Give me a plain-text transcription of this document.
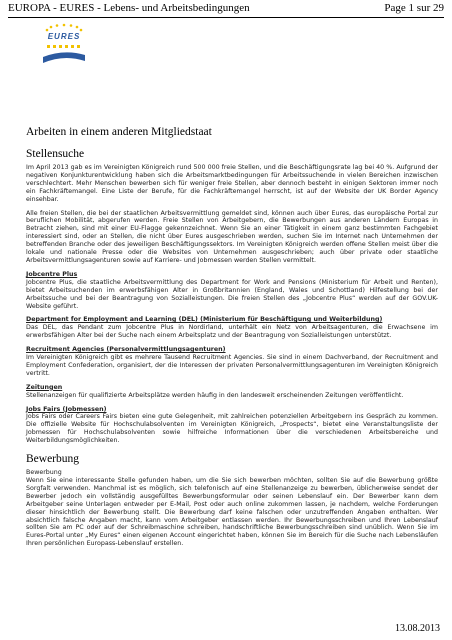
EUROPA - EURES - Lebens- und Arbeitsbedingungen	Page 1 sur 29
EURES
Arbeiten in einem anderen Mitgliedstaat
Stellensuche

Im April 2013 gab es im Vereinigten Königreich rund 500 000 freie Stellen, und die Beschäftigungsrate lag bei 40 %. Aufgrund der negativen Konjunkturentwicklung haben sich die Arbeitsmarktbedingungen für Arbeitssuchende in vielen Bereichen inzwischen verschlechtert. Mehr Menschen bewerben sich für weniger freie Stellen, aber dennoch besteht in einigen Sektoren immer noch ein Fachkräftemangel. Eine Liste der Berufe, für die Fachkräftemangel herrscht, ist auf der Website der UK Border Agency einsehbar.

Alle freien Stellen, die bei der staatlichen Arbeitsvermittlung gemeldet sind, können auch über Eures, das europäische Portal zur beruflichen Mobilität, abgerufen werden. Freie Stellen von Arbeitgebern, die Bewerbungen aus anderen Ländern Europas in Betracht ziehen, sind mit einer EU-Flagge gekennzeichnet. Wenn Sie an einer Tätigkeit in einem ganz bestimmten Fachgebiet interessiert sind, oder an Stellen, die nicht über Eures ausgeschrieben werden, suchen Sie im Internet nach Unternehmen der betreffenden Branche oder des jeweiligen Beschäftigungssektors. Im Vereinigten Königreich werden offene Stellen meist über die lokale und nationale Presse oder die Websites von Unternehmen ausgeschrieben; auch über private oder staatliche Arbeitsvermittlungsagenturen sowie auf Karriere- und Jobmessen werden Stellen vermittelt.

Jobcentre Plus

Jobcentre Plus, die staatliche Arbeitsvermittlung des Department for Work and Pensions (Ministerium für Arbeit und Renten), bietet Arbeitsuchenden im erwerbsfähigen Alter in Großbritannien (England, Wales und Schottland) Hilfestellung bei der Arbeitssuche und bei der Beantragung von Sozialleistungen. Die freien Stellen des „Jobcentre Plus“ werden auf der GOV.UK-Website geführt.

Department for Employment and Learning (DEL) (Ministerium für Beschäftigung und Weiterbildung)

Das DEL, das Pendant zum Jobcentre Plus in Nordirland, unterhält ein Netz von Arbeitsagenturen, die Erwachsene im erwerbsfähigen Alter bei der Suche nach einem Arbeitsplatz und der Beantragung von Sozialleistungen unterstützt.

Recruitment Agencies (Personalvermittlungsagenturen)

Im Vereinigten Königreich gibt es mehrere Tausend Recruitment Agencies. Sie sind in einem Dachverband, der Recruitment and Employment Confederation, organisiert, der die Interessen der privaten Personalvermittlungsagenturen im Vereinigten Königreich vertritt.

Zeitungen

Stellenanzeigen für qualifizierte Arbeitsplätze werden häufig in den landesweit erscheinenden Zeitungen veröffentlicht.

Jobs Fairs (Jobmessen)

Jobs Fairs oder Careers Fairs bieten eine gute Gelegenheit, mit zahlreichen potenziellen Arbeitgebern ins Gespräch zu kommen. Die offizielle Website für Hochschulabsolventen im Vereinigten Königreich, „Prospects“, bietet eine Veranstaltungsliste der Jobmessen für Hochschulabsolventen sowie hilfreiche Informationen über die verschiedenen Arbeitsbereiche und Weiterbildungsmöglichkeiten.

Bewerbung
Bewerbung

Wenn Sie eine interessante Stelle gefunden haben, um die Sie sich bewerben möchten, sollten Sie auf die Bewerbung größte Sorgfalt verwenden. Manchmal ist es möglich, sich telefonisch auf eine Stellenanzeige zu bewerben, üblicherweise sendet der Bewerber jedoch ein vollständig ausgefülltes Bewerbungsformular oder seinen Lebenslauf ein. Der Bewerber kann dem Arbeitgeber seine Unterlagen entweder per E-Mail, Post oder auch online zukommen lassen, je nachdem, welche Forderungen dieser hinsichtlich der Bewerbung stellt. Die Bewerbung darf keine falschen oder unzutreffenden Angaben enthalten. Wer absichtlich falsche Angaben macht, kann vom Arbeitgeber entlassen werden. Ihr Bewerbungsschreiben und Ihren Lebenslauf sollten Sie am PC oder auf der Schreibmaschine schreiben, handschriftliche Bewerbungsschreiben sind unüblich. Wenn Sie im Eures-Portal unter „My Eures“ einen eigenen Account eingerichtet haben, können Sie im Bereich für die Suche nach Lebensläufen Ihren persönlichen Europass-Lebenslauf erstellen.

13.08.2013
